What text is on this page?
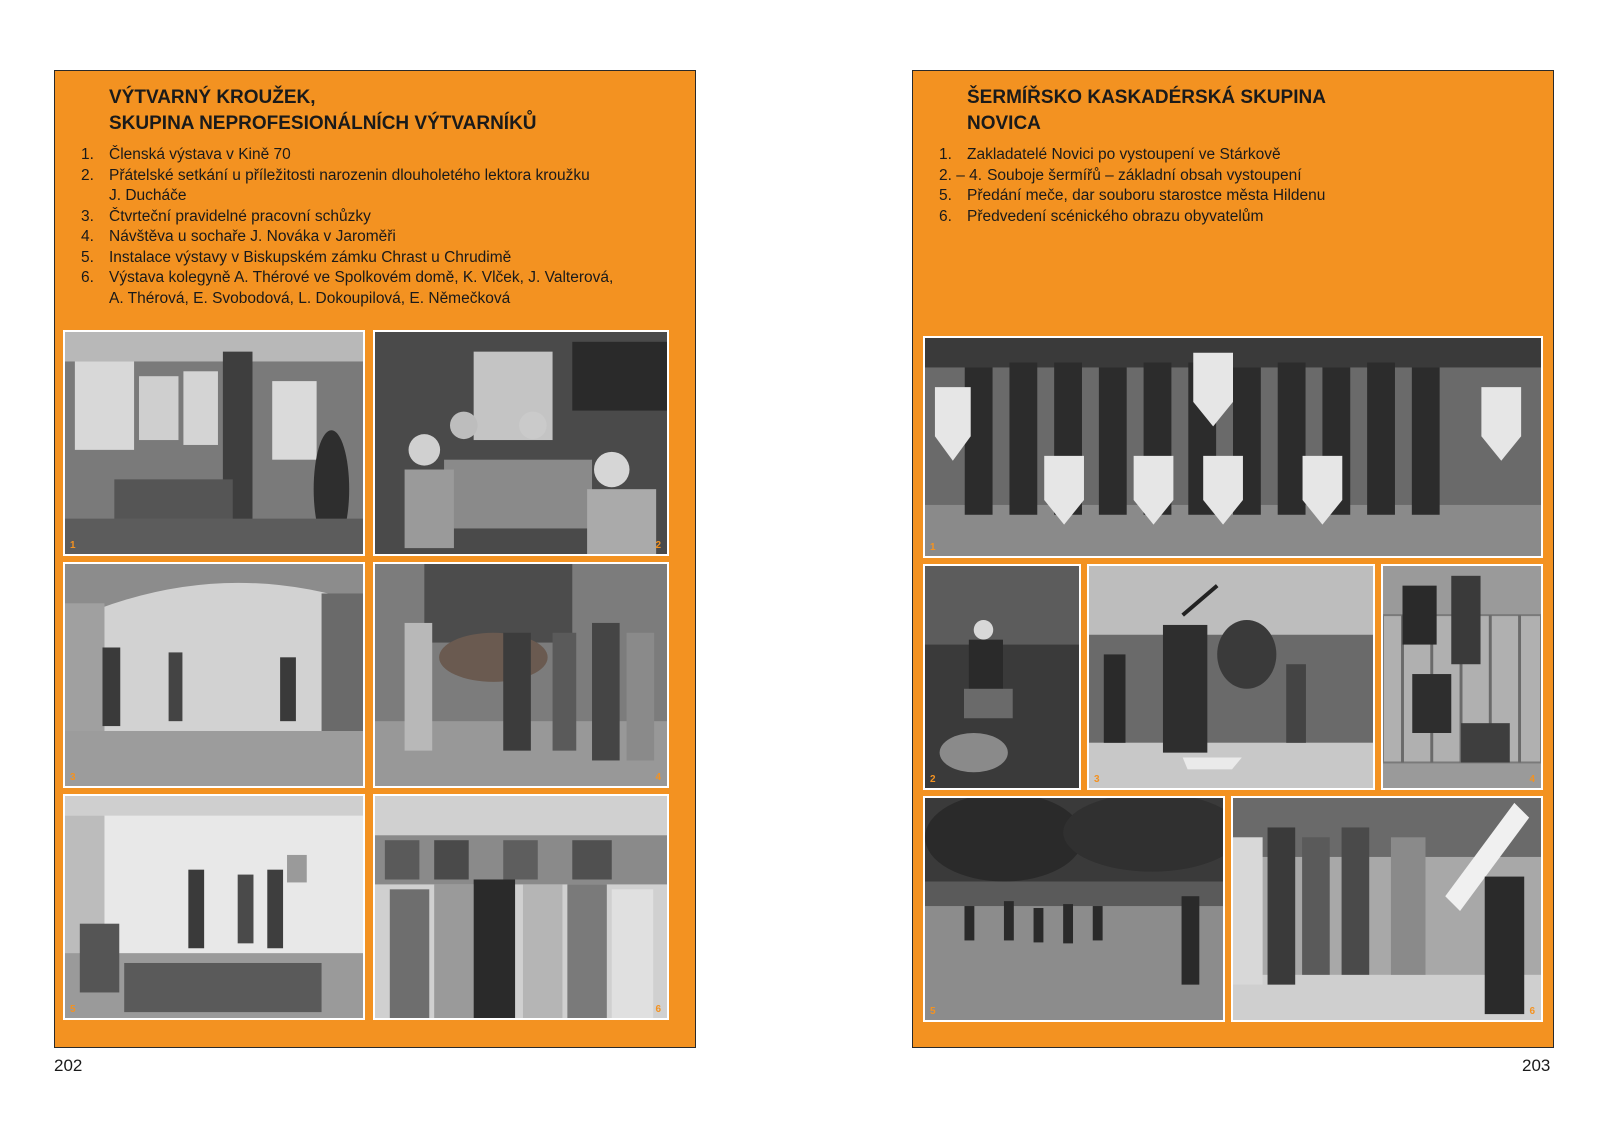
VÝTVARNÝ KROUŽEK,
SKUPINA NEPROFESIONÁLNÍCH VÝTVARNÍKŮ
1. Členská výstava v Kině 70
2. Přátelské setkání u příležitosti narozenin dlouholetého lektora kroužku
J. Ducháče
3. Čtvrteční pravidelné pracovní schůzky
4. Návštěva u sochaře J. Nováka v Jaroměři
5. Instalace výstavy v Biskupském zámku Chrast u Chrudimě
6. Výstava kolegyně A. Thérové ve Spolkovém domě, K. Vlček, J. Valterová,
A. Thérová, E. Svobodová, L. Dokoupilová, E. Němečková
1	2
3	4
5	6
202
ŠERMÍŘSKO KASKADÉRSKÁ SKUPINA
NOVICA
1. Zakladatelé Novici po vystoupení ve Stárkově
2. – 4. Souboje šermířů – základní obsah vystoupení
5. Předání meče, dar souboru starostce města Hildenu
6. Předvedení scénického obrazu obyvatelům
1
2	3	4
5	6
203
